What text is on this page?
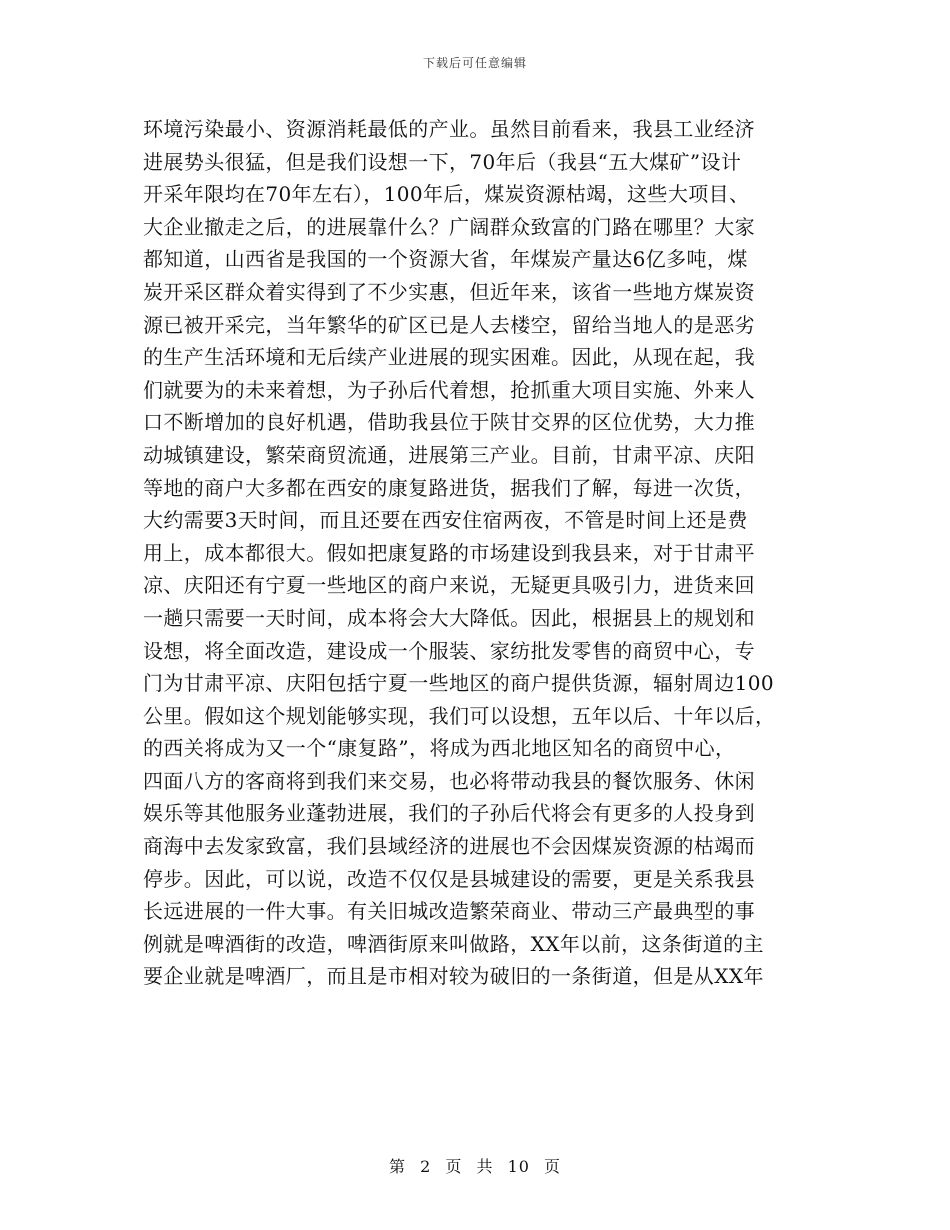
下载后可任意编辑
环境污染最小、资源消耗最低的产业。虽然目前看来，我县工业经济
进展势头很猛，但是我们设想一下，70年后（我县“五大煤矿”设计
开采年限均在70年左右），100年后，煤炭资源枯竭，这些大项目、
大企业撤走之后，的进展靠什么？广阔群众致富的门路在哪里？大家
都知道，山西省是我国的一个资源大省，年煤炭产量达6亿多吨，煤
炭开采区群众着实得到了不少实惠，但近年来，该省一些地方煤炭资
源已被开采完，当年繁华的矿区已是人去楼空，留给当地人的是恶劣
的生产生活环境和无后续产业进展的现实困难。因此，从现在起，我
们就要为的未来着想，为子孙后代着想，抢抓重大项目实施、外来人
口不断增加的良好机遇，借助我县位于陕甘交界的区位优势，大力推
动城镇建设，繁荣商贸流通，进展第三产业。目前，甘肃平凉、庆阳
等地的商户大多都在西安的康复路进货，据我们了解，每进一次货，
大约需要3天时间，而且还要在西安住宿两夜，不管是时间上还是费
用上，成本都很大。假如把康复路的市场建设到我县来，对于甘肃平
凉、庆阳还有宁夏一些地区的商户来说，无疑更具吸引力，进货来回
一趟只需要一天时间，成本将会大大降低。因此，根据县上的规划和
设想，将全面改造，建设成一个服装、家纺批发零售的商贸中心，专
门为甘肃平凉、庆阳包括宁夏一些地区的商户提供货源，辐射周边100
公里。假如这个规划能够实现，我们可以设想，五年以后、十年以后，
的西关将成为又一个“康复路”，将成为西北地区知名的商贸中心，
四面八方的客商将到我们来交易，也必将带动我县的餐饮服务、休闲
娱乐等其他服务业蓬勃进展，我们的子孙后代将会有更多的人投身到
商海中去发家致富，我们县域经济的进展也不会因煤炭资源的枯竭而
停步。因此，可以说，改造不仅仅是县城建设的需要，更是关系我县
长远进展的一件大事。有关旧城改造繁荣商业、带动三产最典型的事
例就是啤酒街的改造，啤酒街原来叫做路，XX年以前，这条街道的主
要企业就是啤酒厂，而且是市相对较为破旧的一条街道，但是从XX年
第 2 页 共 10 页
